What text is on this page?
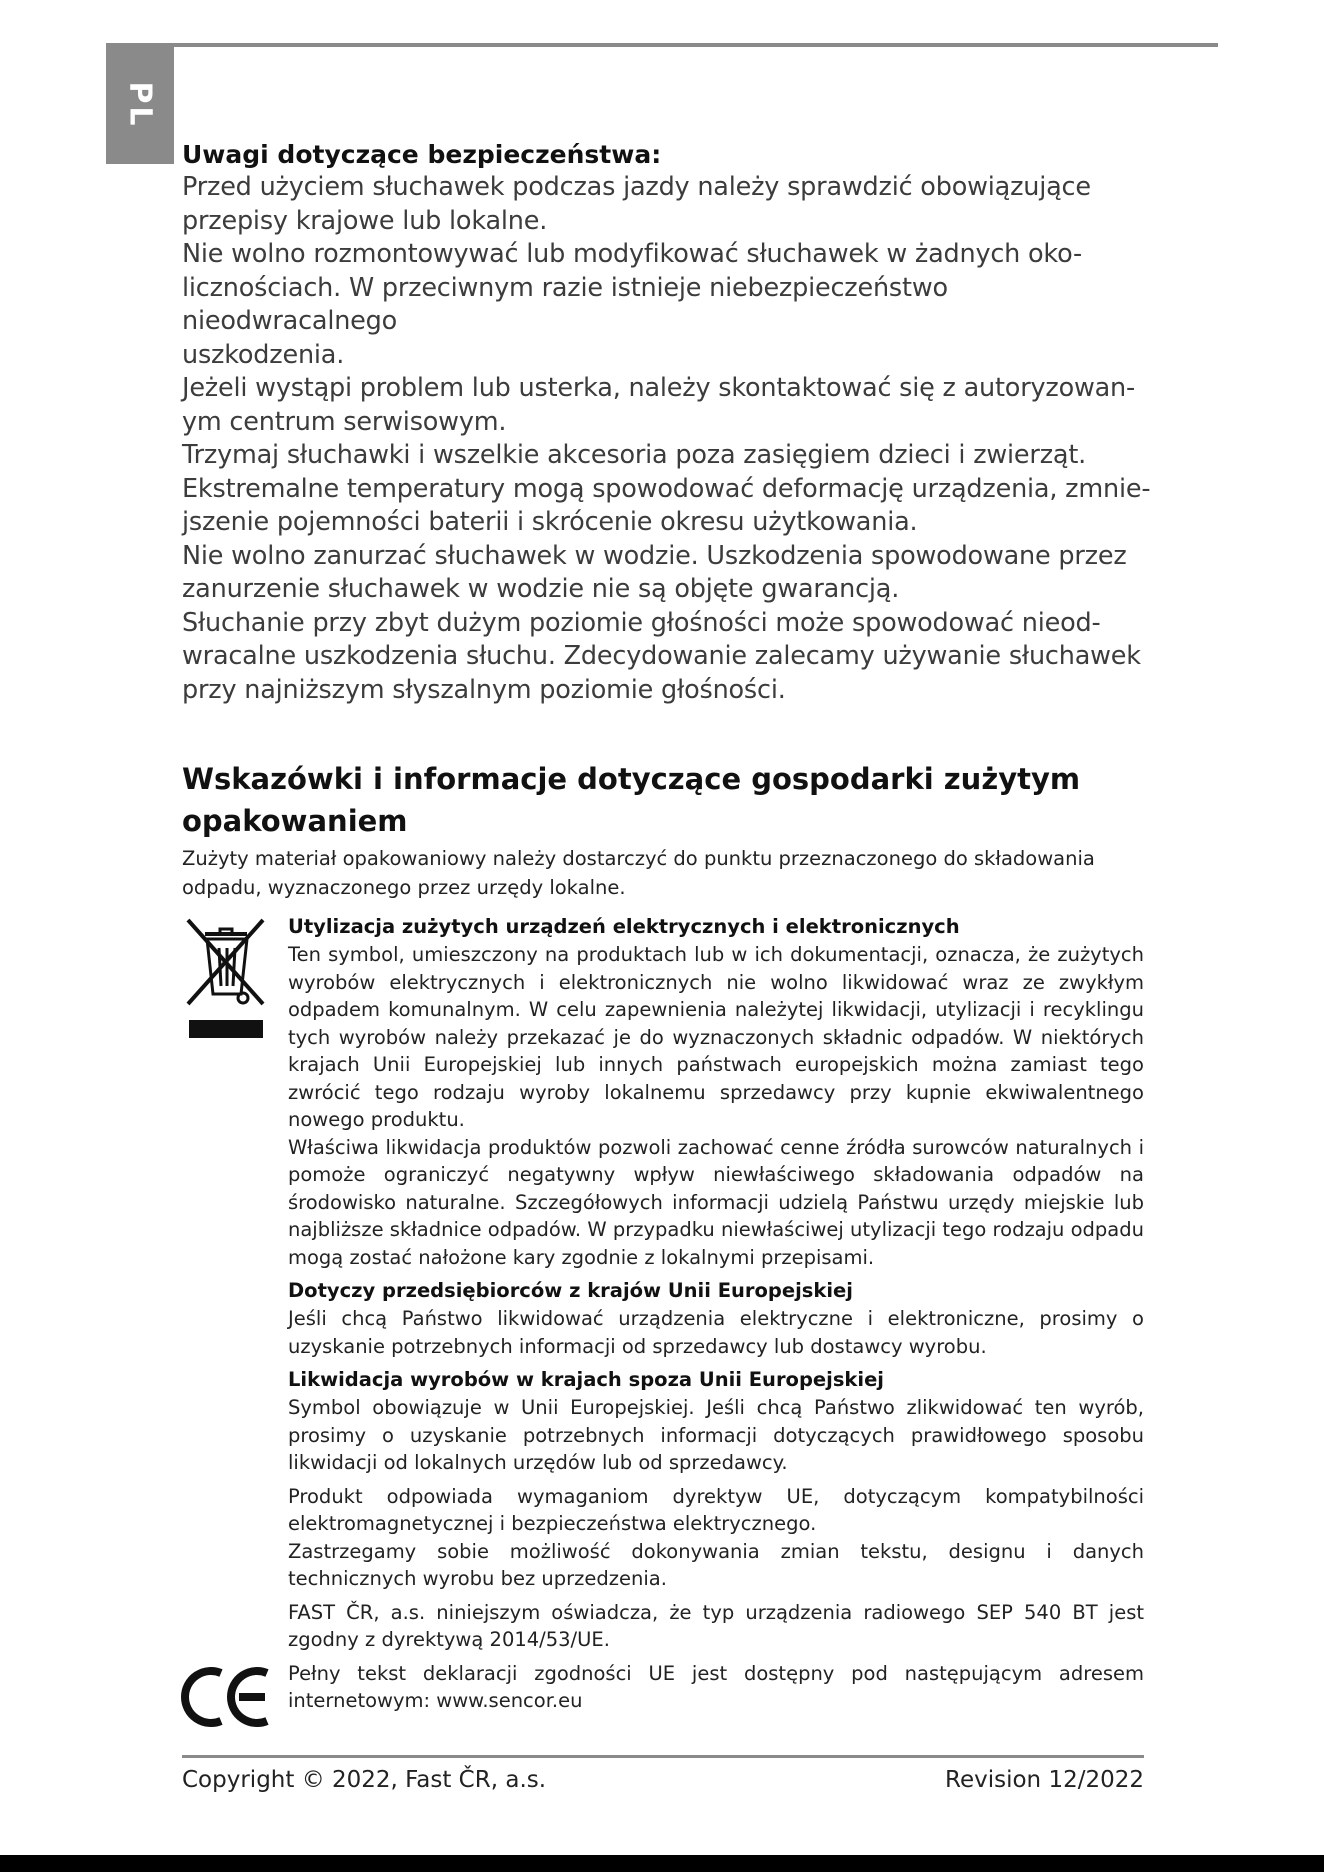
PL
Uwagi dotyczące bezpieczeństwa:

Przed użyciem słuchawek podczas jazdy należy sprawdzić obowiązujące

przepisy krajowe lub lokalne.

Nie wolno rozmontowywać lub modyfikować słuchawek w żadnych oko-

licznościach. W przeciwnym razie istnieje niebezpieczeństwo nieodwracalnego

uszkodzenia.

Jeżeli wystąpi problem lub usterka, należy skontaktować się z autoryzowan-

ym centrum serwisowym.

Trzymaj słuchawki i wszelkie akcesoria poza zasięgiem dzieci i zwierząt.

Ekstremalne temperatury mogą spowodować deformację urządzenia, zmnie-

jszenie pojemności baterii i skrócenie okresu użytkowania.

Nie wolno zanurzać słuchawek w wodzie. Uszkodzenia spowodowane przez

zanurzenie słuchawek w wodzie nie są objęte gwarancją.

Słuchanie przy zbyt dużym poziomie głośności może spowodować nieod-

wracalne uszkodzenia słuchu. Zdecydowanie zalecamy używanie słuchawek

przy najniższym słyszalnym poziomie głośności.

Wskazówki i informacje dotyczące gospodarki zużytym
opakowaniem

Zużyty materiał opakowaniowy należy dostarczyć do punktu przeznaczonego do składowania odpadu, wyznaczonego przez urzędy lokalne.

Utylizacja zużytych urządzeń elektrycznych i elektronicznych

Ten symbol, umieszczony na produktach lub w ich dokumentacji, oznacza, że zużytych wyrobów elektrycznych i elektronicznych nie wolno likwidować wraz ze zwykłym odpadem komunalnym. W celu zapewnienia należytej likwidacji, utylizacji i recyklingu tych wyrobów należy przekazać je do wyznaczonych składnic odpadów. W niektórych krajach Unii Europejskiej lub innych państwach europejskich można zamiast tego zwrócić tego rodzaju wyroby lokalnemu sprzedawcy przy kupnie ekwiwalentnego nowego produktu.

Właściwa likwidacja produktów pozwoli zachować cenne źródła surowców naturalnych i pomoże ograniczyć negatywny wpływ niewłaściwego składowania odpadów na środowisko naturalne. Szczegółowych informacji udzielą Państwu urzędy miejskie lub najbliższe składnice odpadów. W przypadku niewłaściwej utylizacji tego rodzaju odpadu mogą zostać nałożone kary zgodnie z lokalnymi przepisami.

Dotyczy przedsiębiorców z krajów Unii Europejskiej

Jeśli chcą Państwo likwidować urządzenia elektryczne i elektroniczne, prosimy o uzyskanie potrzebnych informacji od sprzedawcy lub dostawcy wyrobu.

Likwidacja wyrobów w krajach spoza Unii Europejskiej

Symbol obowiązuje w Unii Europejskiej. Jeśli chcą Państwo zlikwidować ten wyrób, prosimy o uzyskanie potrzebnych informacji dotyczących prawidłowego sposobu likwidacji od lokalnych urzędów lub od sprzedawcy.

Produkt odpowiada wymaganiom dyrektyw UE, dotyczącym kompatybilności elektromagnetycznej i bezpieczeństwa elektrycznego.

Zastrzegamy sobie możliwość dokonywania zmian tekstu, designu i danych technicznych wyrobu bez uprzedzenia.

FAST ČR, a.s. niniejszym oświadcza, że typ urządzenia radiowego SEP 540 BT jest zgodny z dyrektywą 2014/53/UE.

Pełny tekst deklaracji zgodności UE jest dostępny pod następującym adresem internetowym: www.sencor.eu

Copyright © 2022, Fast ČR, a.s.	Revision 12/2022
